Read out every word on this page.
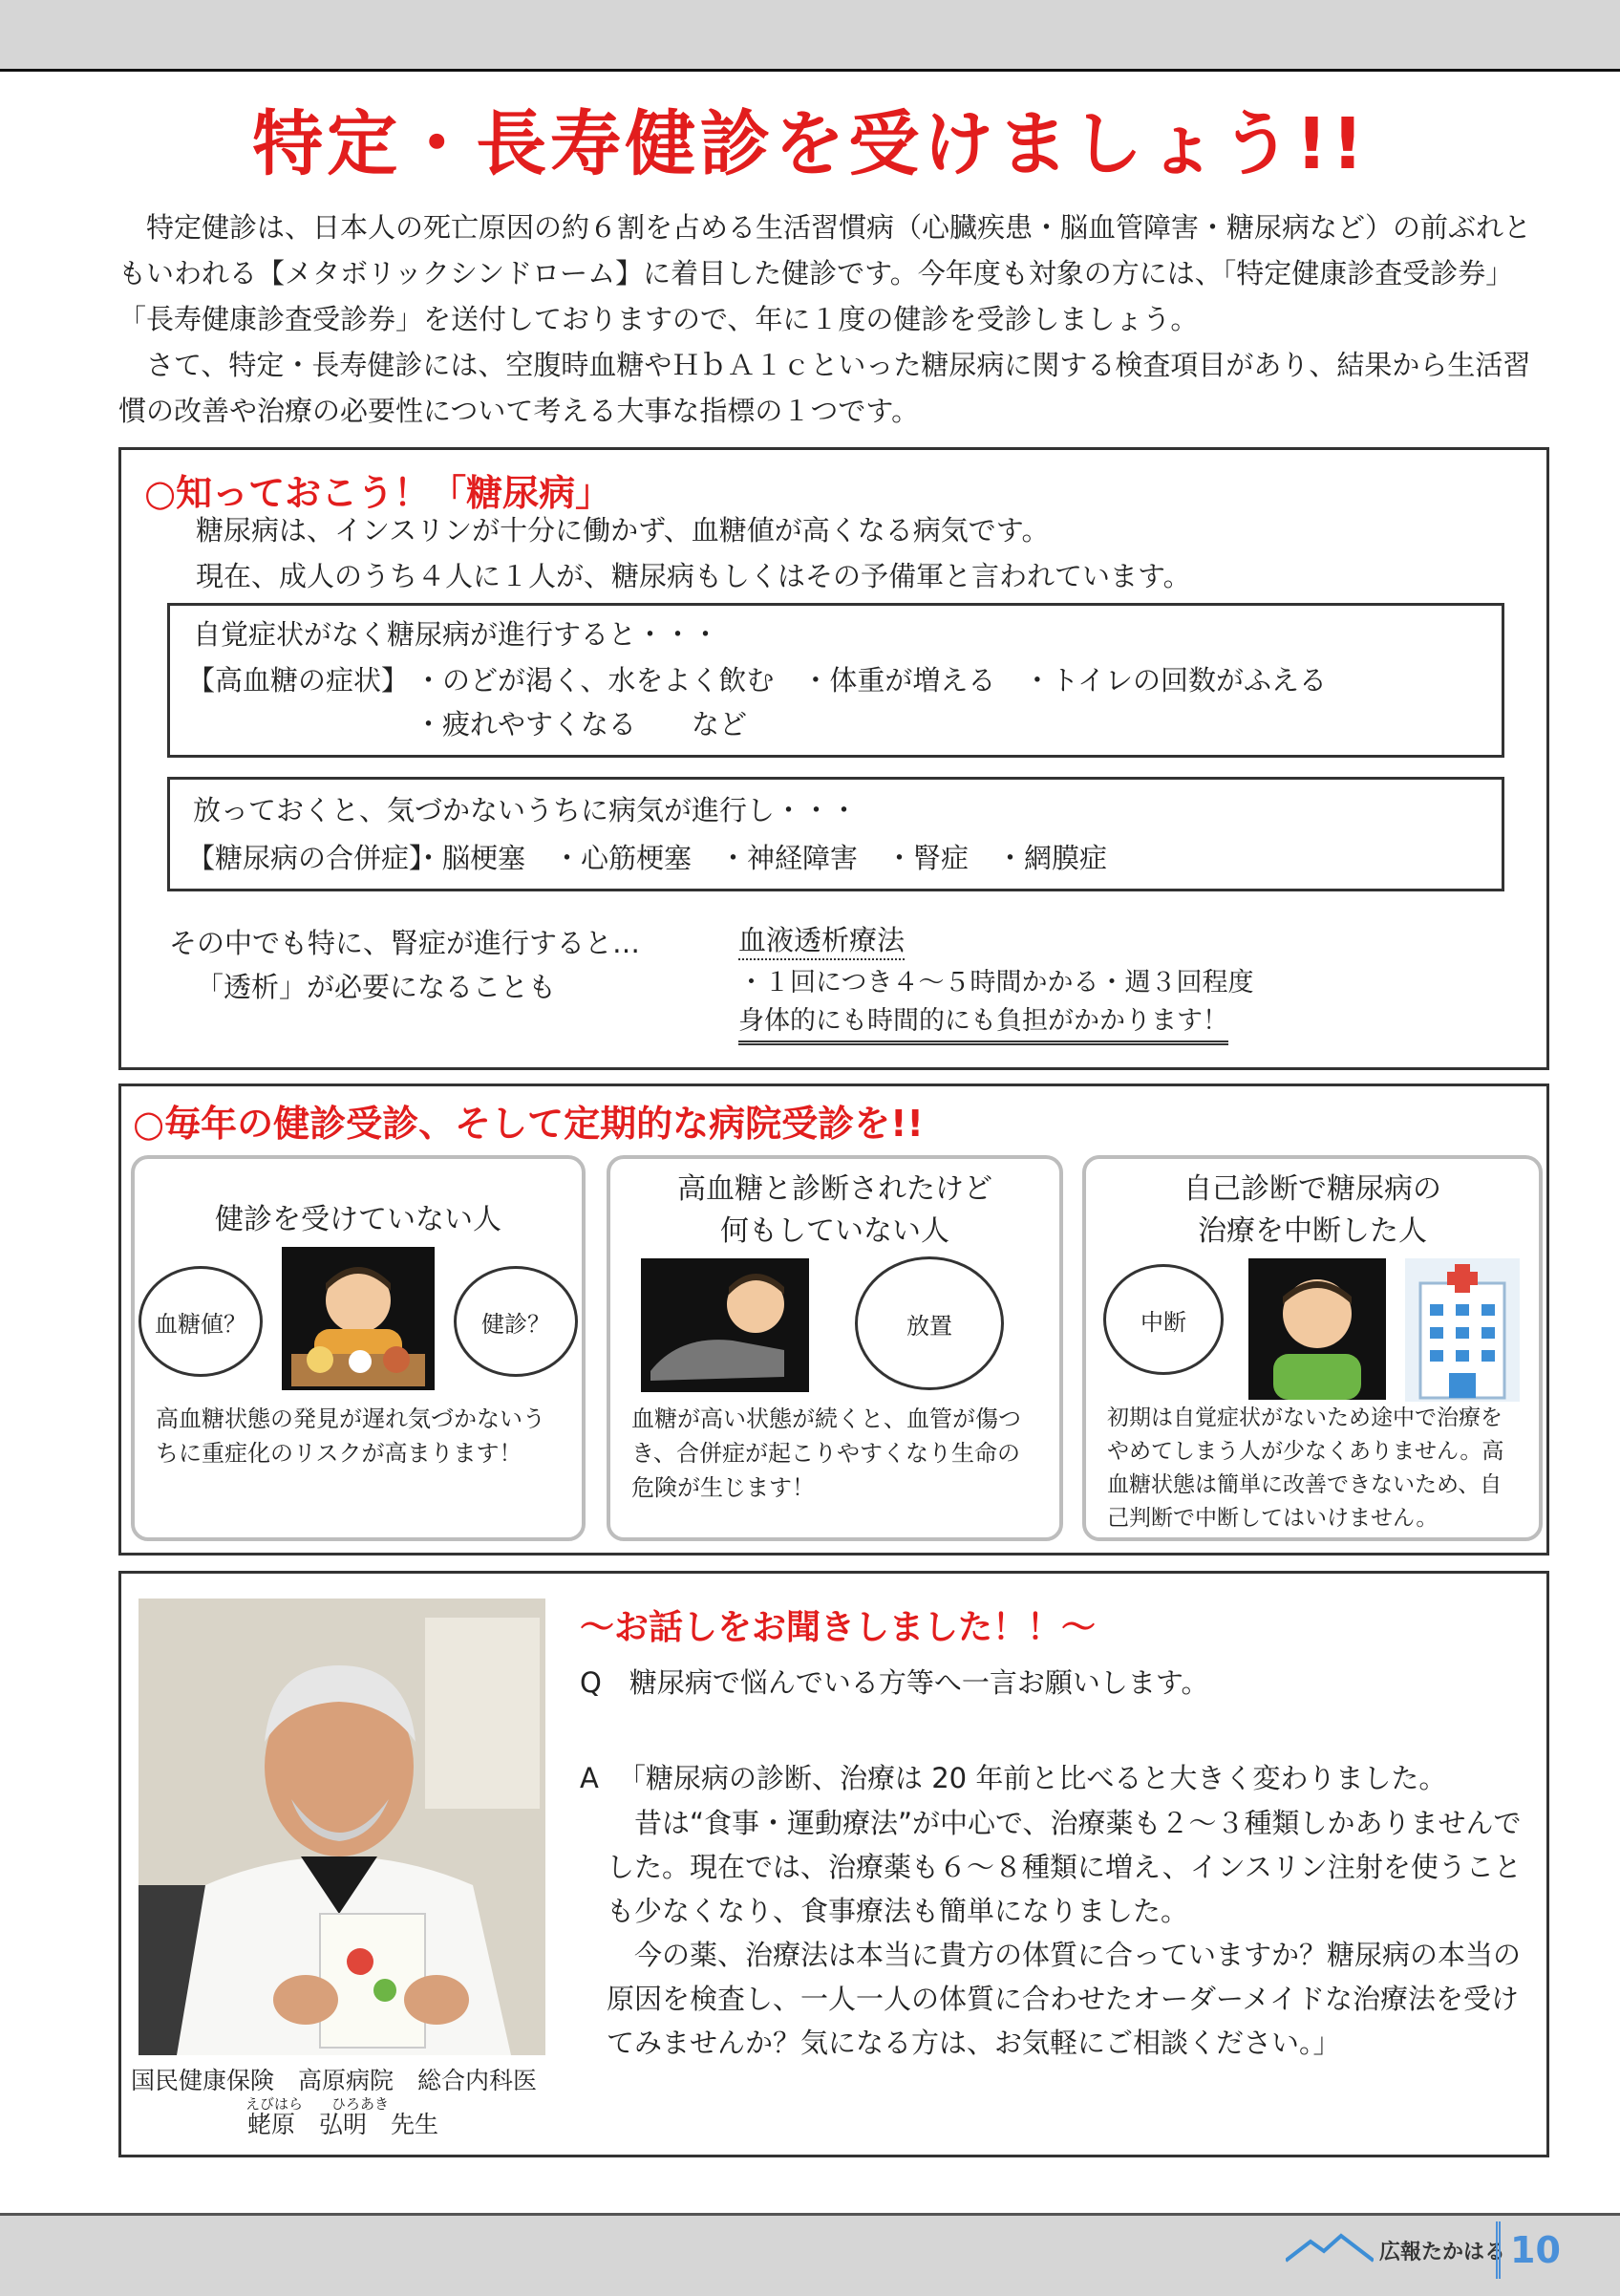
特定・長寿健診を受けましょう!!

特定健診は、日本人の死亡原因の約６割を占める生活習慣病（心臓疾患・脳血管障害・糖尿病など）の前ぶれともいわれる【メタボリックシンドローム】に着目した健診です。今年度も対象の方には、「特定健康診査受診券」「長寿健康診査受診券」を送付しておりますので、年に１度の健診を受診しましょう。

さて、特定・長寿健診には、空腹時血糖やＨｂＡ１ｃといった糖尿病に関する検査項目があり、結果から生活習慣の改善や治療の必要性について考える大事な指標の１つです。

○知っておこう！「糖尿病」
糖尿病は、インスリンが十分に働かず、血糖値が高くなる病気です。
現在、成人のうち４人に１人が、糖尿病もしくはその予備軍と言われています。
自覚症状がなく糖尿病が進行すると・・・
【高血糖の症状】 ・のどが渇く、水をよく飲む　・体重が増える　・トイレの回数がふえる
・疲れやすくなる　　など
放っておくと、気づかないうちに病気が進行し・・・
【糖尿病の合併症】
・脳梗塞　・心筋梗塞　・神経障害　・腎症　・網膜症
その中でも特に、腎症が進行すると…
「透析」が必要になることも
血液透析療法
・１回につき４～５時間かかる・週３回程度
身体的にも時間的にも負担がかかります！
○毎年の健診受診、そして定期的な病院受診を!!
健診を受けていない人
血糖値？	健診？
高血糖状態の発見が遅れ気づかないうちに重症化のリスクが高まります！
高血糖と診断されたけど
何もしていない人
放置
血糖が高い状態が続くと、血管が傷つき、合併症が起こりやすくなり生命の危険が生じます！
自己診断で糖尿病の
治療を中断した人
中断
初期は自覚症状がないため途中で治療をやめてしまう人が少なくありません。高血糖状態は簡単に改善できないため、自己判断で中断してはいけません。
国民健康保険　高原病院　総合内科医
えびはら　　ひろあき
蛯原　弘明　先生
～お話しをお聞きしました！！～
Q　糖尿病で悩んでいる方等へ一言お願いします。
A 「糖尿病の診断、治療は 20 年前と比べると大きく変わりました。
昔は“食事・運動療法”が中心で、治療薬も２～３種類しかありませんでした。現在では、治療薬も６～８種類に増え、インスリン注射を使うことも少なくなり、食事療法も簡単になりました。
今の薬、治療法は本当に貴方の体質に合っていますか？糖尿病の本当の原因を検査し、一人一人の体質に合わせたオーダーメイドな治療法を受けてみませんか？気になる方は、お気軽にご相談ください。」
広報たかはる 10
